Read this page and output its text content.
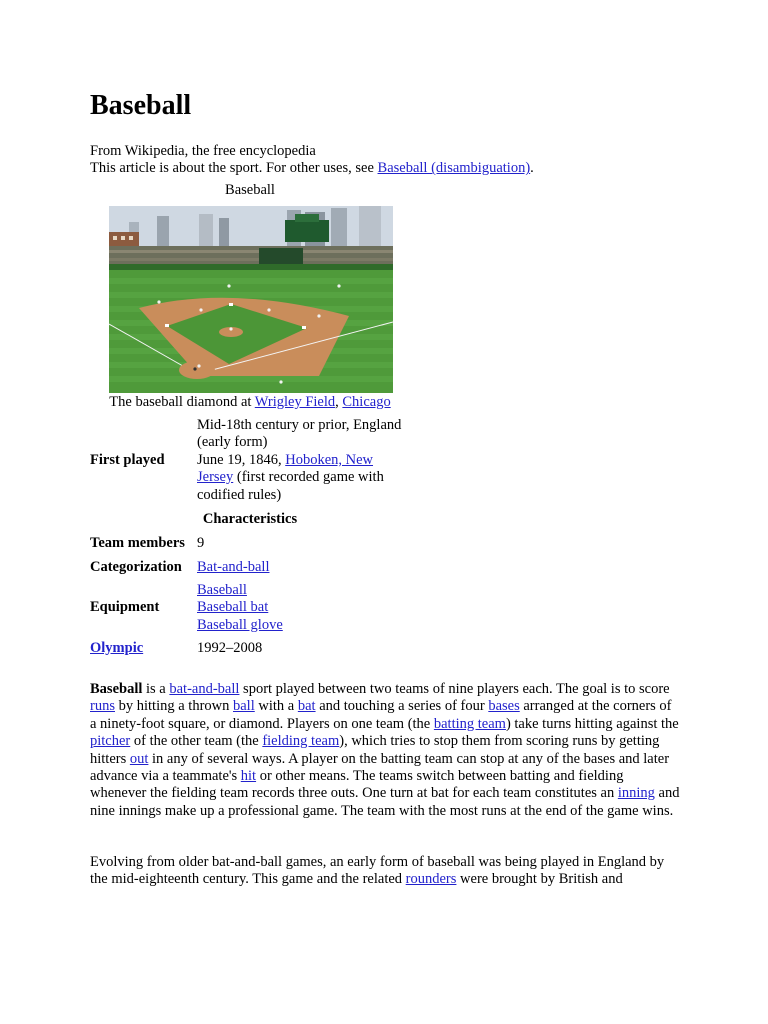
Baseball

From Wikipedia, the free encyclopedia

This article is about the sport. For other uses, see Baseball (disambiguation).

Baseball
The baseball diamond at Wrigley Field, Chicago
First played
Mid-18th century or prior, England
(early form)
June 19, 1846, Hoboken, New
Jersey (first recorded game with
codified rules)
Characteristics
Team members 9
Categorization Bat-and-ball
Equipment
Baseball
Baseball bat
Baseball glove
Olympic	1992–2008

Baseball is a bat-and-ball sport played between two teams of nine players each. The goal is to score runs by hitting a thrown ball with a bat and touching a series of four bases arranged at the corners of a ninety-foot square, or diamond. Players on one team (the batting team) take turns hitting against the pitcher of the other team (the fielding team), which tries to stop them from scoring runs by getting hitters out in any of several ways. A player on the batting team can stop at any of the bases and later advance via a teammate's hit or other means. The teams switch between batting and fielding whenever the fielding team records three outs. One turn at bat for each team constitutes an inning and nine innings make up a professional game. The team with the most runs at the end of the game wins.

Evolving from older bat-and-ball games, an early form of baseball was being played in England by the mid-eighteenth century. This game and the related rounders were brought by British and
